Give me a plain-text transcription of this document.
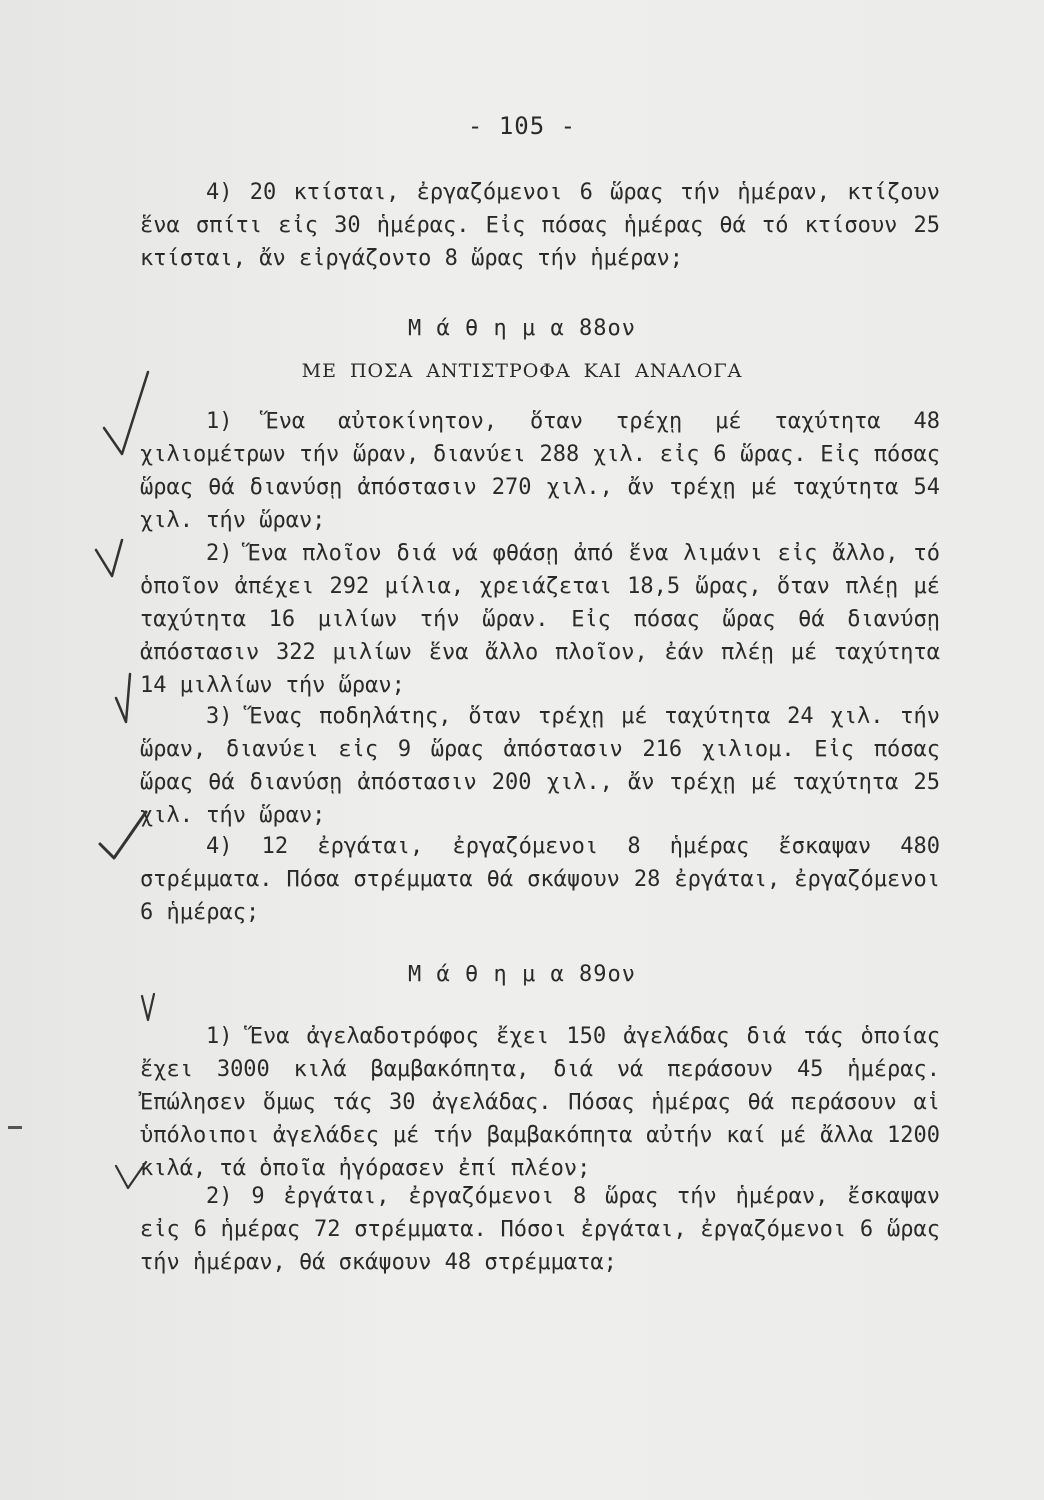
- 105 -

4) 20 κτίσται, ἐργαζόμενοι 6 ὥρας τήν ἡμέραν, κτίζουν ἕνα σπίτι εἰς 30 ἡμέρας. Εἰς πόσας ἡμέρας θά τό κτίσουν 25 κτίσται, ἄν εἰργάζοντο 8 ὥρας τήν ἡμέραν;

Μ ά θ η μ α 88ον
ΜΕ ΠΟΣΑ ΑΝΤΙΣΤΡΟΦΑ ΚΑΙ ΑΝΑΛΟΓΑ

1) Ἕνα αὐτοκίνητον, ὅταν τρέχῃ μέ ταχύτητα 48 χιλιομέτρων τήν ὥραν, διανύει 288 χιλ. εἰς 6 ὥρας. Εἰς πόσας ὥρας θά διανύσῃ ἀπόστασιν 270 χιλ., ἄν τρέχῃ μέ ταχύτητα 54 χιλ. τήν ὥραν;

2) Ἕνα πλοῖον διά νά φθάσῃ ἀπό ἕνα λιμάνι εἰς ἄλλο, τό ὁποῖον ἀπέχει 292 μίλια, χρειάζεται 18,5 ὥρας, ὅταν πλέῃ μέ ταχύτητα 16 μιλίων τήν ὥραν. Εἰς πόσας ὥρας θά διανύσῃ ἀπόστασιν 322 μιλίων ἕνα ἄλλο πλοῖον, ἐάν πλέῃ μέ ταχύτητα 14 μιλλίων τήν ὥραν;

3) Ἕνας ποδηλάτης, ὅταν τρέχῃ μέ ταχύτητα 24 χιλ. τήν ὥραν, διανύει εἰς 9 ὥρας ἀπόστασιν 216 χιλιομ. Εἰς πόσας ὥρας θά διανύσῃ ἀπόστασιν 200 χιλ., ἄν τρέχῃ μέ ταχύτητα 25 χιλ. τήν ὥραν;

4) 12 ἐργάται, ἐργαζόμενοι 8 ἡμέρας ἔσκαψαν 480 στρέμματα. Πόσα στρέμματα θά σκάψουν 28 ἐργάται, ἐργαζόμενοι 6 ἡμέρας;

Μ ά θ η μ α 89ον

1) Ἕνα ἀγελαδοτρόφος ἔχει 150 ἀγελάδας διά τάς ὁποίας ἔχει 3000 κιλά βαμβακόπητα, διά νά περάσουν 45 ἡμέρας. Ἐπώλησεν ὅμως τάς 30 ἀγελάδας. Πόσας ἡμέρας θά περάσουν αἱ ὑπόλοιποι ἀγελάδες μέ τήν βαμβακόπητα αὐτήν καί μέ ἄλλα 1200 κιλά, τά ὁποῖα ἠγόρασεν ἐπί πλέον;

2) 9 ἐργάται, ἐργαζόμενοι 8 ὥρας τήν ἡμέραν, ἔσκαψαν εἰς 6 ἡμέρας 72 στρέμματα. Πόσοι ἐργάται, ἐργαζόμενοι 6 ὥρας τήν ἡμέραν, θά σκάψουν 48 στρέμματα;
